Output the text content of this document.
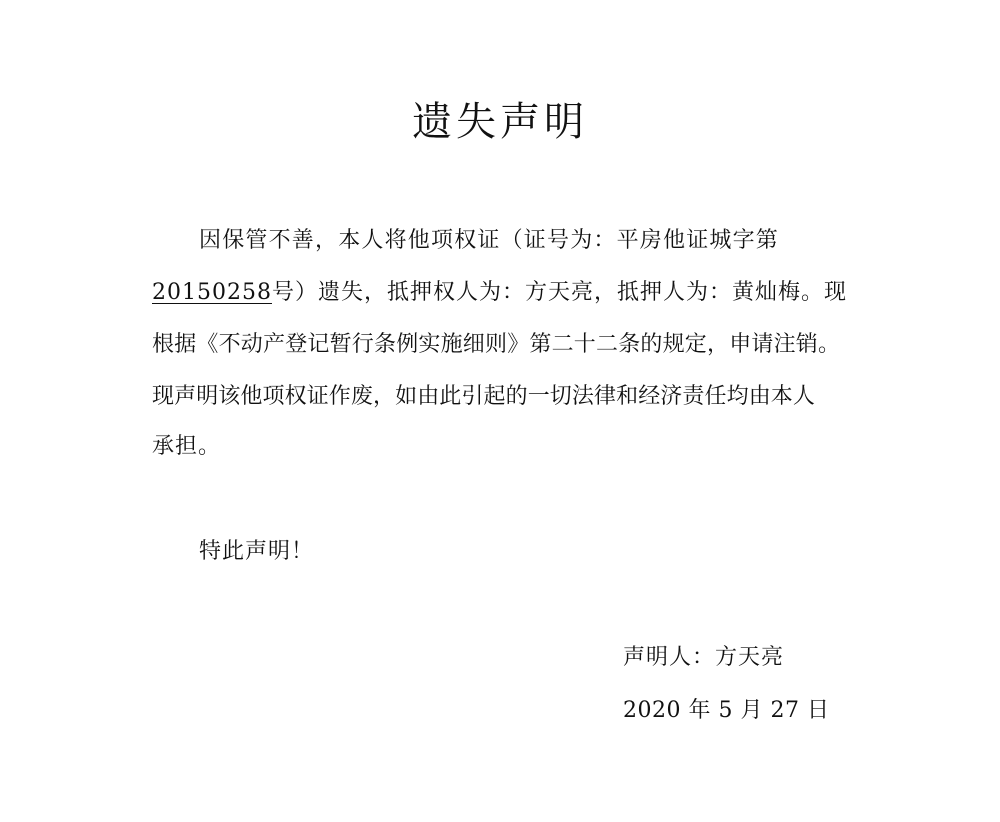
遗失声明
因保管不善，本人将他项权证（证号为：平房他证城字第
20150258号）遗失，抵押权人为：方天亮，抵押人为：黄灿梅。现
根据《不动产登记暂行条例实施细则》第二十二条的规定，申请注销。
现声明该他项权证作废，如由此引起的一切法律和经济责任均由本人
承担。
特此声明！
声明人：方天亮
2020 年 5 月 27 日
